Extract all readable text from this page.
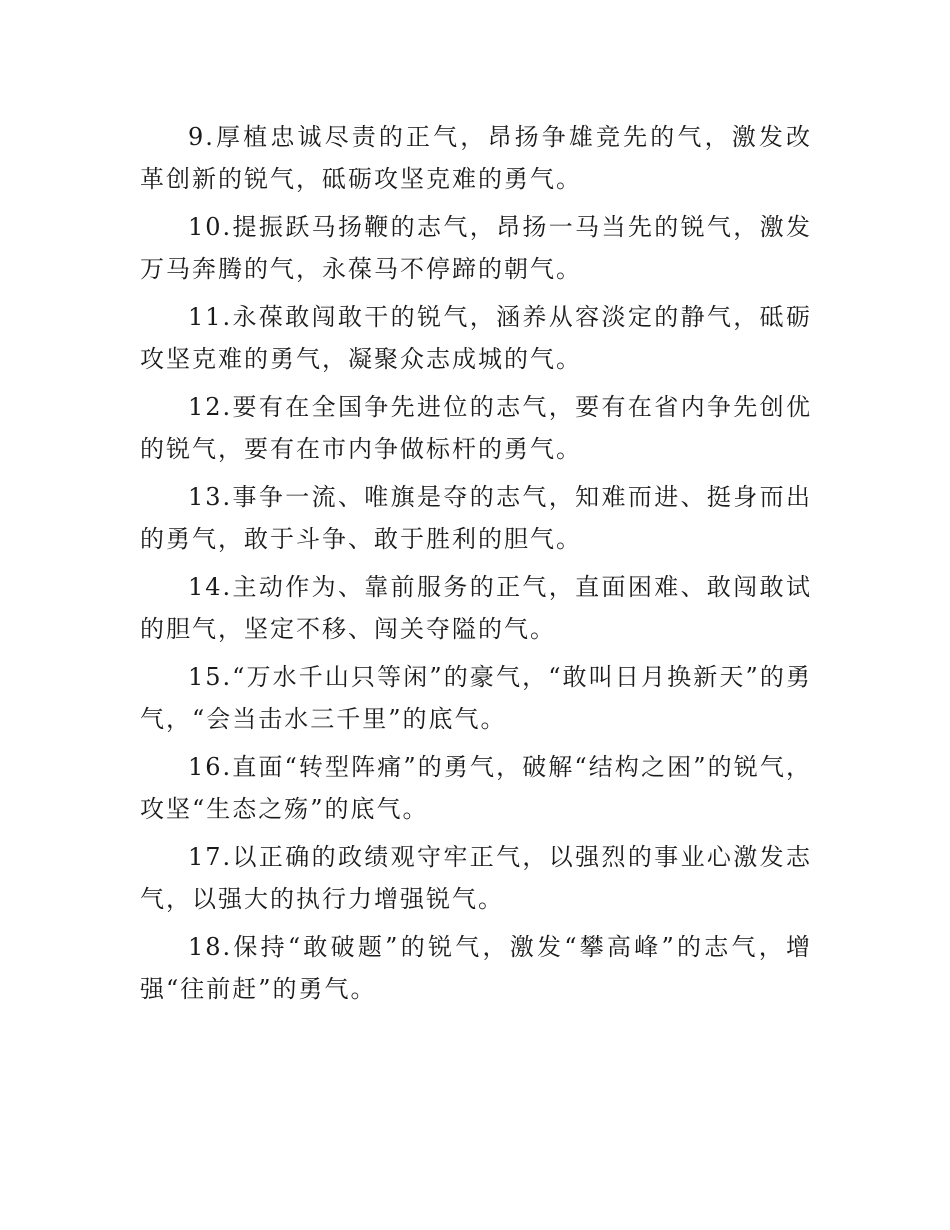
9.厚植忠诚尽责的正气，昂扬争雄竞先的气，激发改革创新的锐气，砥砺攻坚克难的勇气。

10.提振跃马扬鞭的志气，昂扬一马当先的锐气，激发万马奔腾的气，永葆马不停蹄的朝气。

11.永葆敢闯敢干的锐气，涵养从容淡定的静气，砥砺攻坚克难的勇气，凝聚众志成城的气。

12.要有在全国争先进位的志气，要有在省内争先创优的锐气，要有在市内争做标杆的勇气。

13.事争一流、唯旗是夺的志气，知难而进、挺身而出的勇气，敢于斗争、敢于胜利的胆气。

14.主动作为、靠前服务的正气，直面困难、敢闯敢试的胆气，坚定不移、闯关夺隘的气。

15.“万水千山只等闲”的豪气，“敢叫日月换新天”的勇气，“会当击水三千里”的底气。

16.直面“转型阵痛”的勇气，破解“结构之困”的锐气，攻坚“生态之殇”的底气。

17.以正确的政绩观守牢正气，以强烈的事业心激发志气，以强大的执行力增强锐气。

18.保持“敢破题”的锐气，激发“攀高峰”的志气，增强“往前赶”的勇气。
